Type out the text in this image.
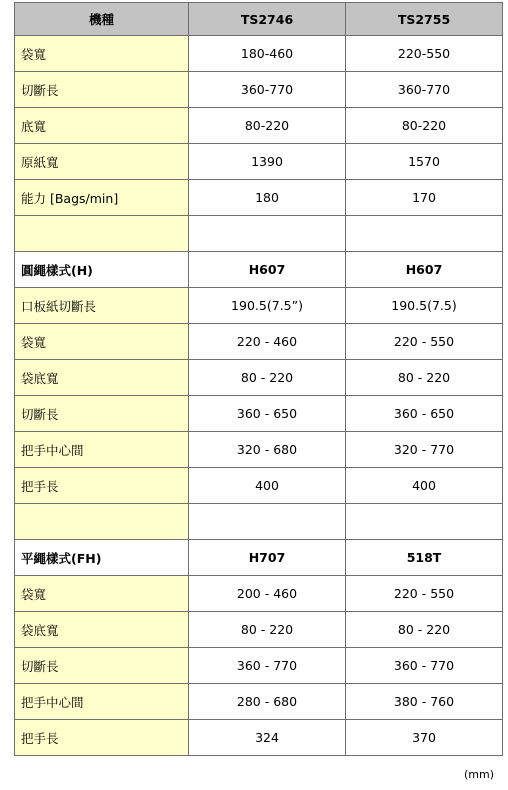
機種	TS2746	TS2755
袋寬	180-460	220-550
切斷長	360-770	360-770
底寬	80-220	80-220
原紙寬	1390	1570
能力 [Bags/min]	180	170

圓繩樣式(H)	H607	H607
口板紙切斷長	190.5(7.5”)	190.5(7.5)
袋寬	220 - 460	220 - 550
袋底寬	80 - 220	80 - 220
切斷長	360 - 650	360 - 650
把手中心間	320 - 680	320 - 770
把手長	400	400

平繩樣式(FH)	H707	518T
袋寬	200 - 460	220 - 550
袋底寬	80 - 220	80 - 220
切斷長	360 - 770	360 - 770
把手中心間	280 - 680	380 - 760
把手長	324	370
(mm)
